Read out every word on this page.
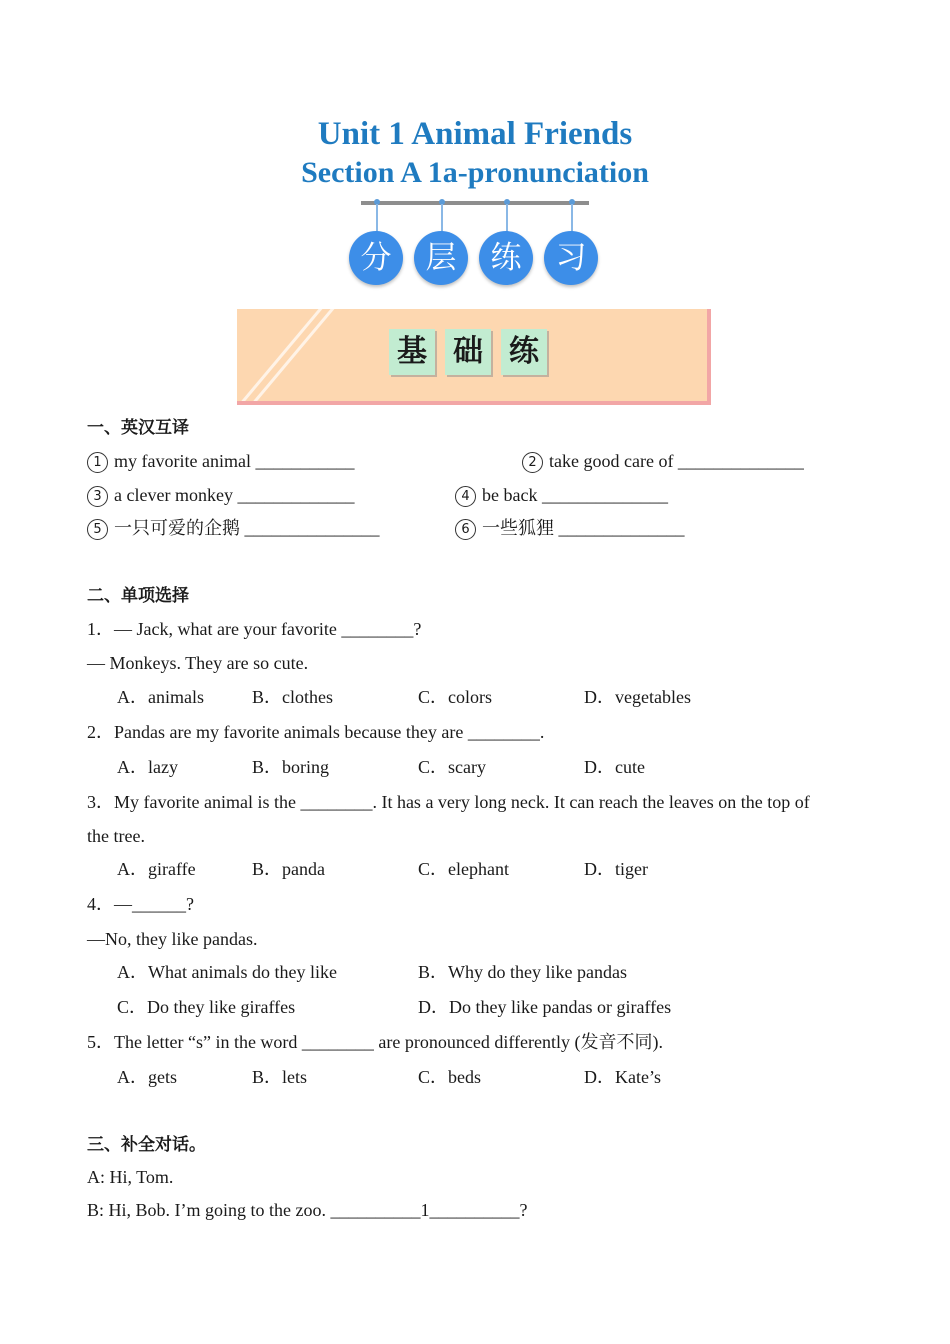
Unit 1 Animal Friends
Section A 1a-pronunciation
分	层	练	习
基 础 练
一、英汉互译
1 my favorite animal ___________	2 take good care of ______________
3 a clever monkey _____________	4 be back ______________
5 一只可爱的企鹅 _______________	6 一些狐狸 ______________
二、单项选择
1．— Jack, what are your favorite ________?
— Monkeys. They are so cute.
A．animals	B．clothes	C．colors	D．vegetables
2．Pandas are my favorite animals because they are ________.
A．lazy	B．boring	C．scary	D．cute
3．My favorite animal is the ________. It has a very long neck. It can reach the leaves on the top of
the tree.
A．giraffe	B．panda	C．elephant	D．tiger
4．—______?
—No, they like pandas.
A．What animals do they like	B．Why do they like pandas
C．Do they like giraffes	D．Do they like pandas or giraffes
5．The letter “s” in the word ________ are pronounced differently (发音不同).
A．gets	B．lets	C．beds	D．Kate’s
三、补全对话。
A: Hi, Tom.
B: Hi, Bob. I’m going to the zoo. __________1__________?
